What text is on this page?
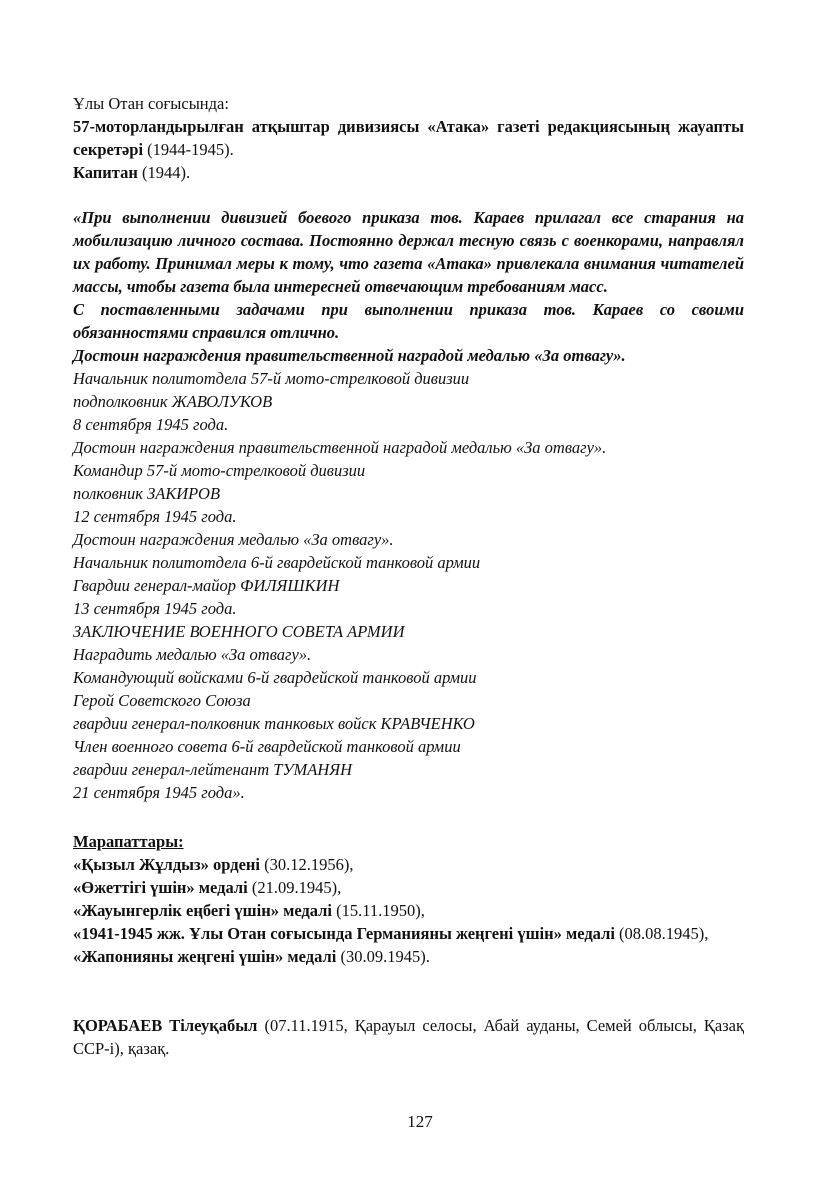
Ұлы Отан соғысында:

57-моторландырылған атқыштар дивизиясы «Атака» газеті редакциясының жауапты секретәрі (1944-1945).

Капитан (1944).

«При выполнении дивизией боевого приказа тов. Караев прилагал все старания на мобилизацию личного состава. Постоянно держал тесную связь с военкорами, направлял их работу. Принимал меры к тому, что газета «Атака» привлекала внимания читателей массы, чтобы газета была интересней отвечающим требованиям масс.

С поставленными задачами при выполнении приказа тов. Караев со своими обязанностями справился отлично.

Достоин награждения правительственной наградой медалью «За отвагу».

Начальник политотдела 57-й мото-стрелковой дивизии

подполковник ЖАВОЛУКОВ

8 сентября 1945 года.

Достоин награждения правительственной наградой медалью «За отвагу».

Командир 57-й мото-стрелковой дивизии

полковник ЗАКИРОВ

12 сентября 1945 года.

Достоин награждения медалью «За отвагу».

Начальник политотдела 6-й гвардейской танковой армии

Гвардии генерал-майор ФИЛЯШКИН

13 сентября 1945 года.

ЗАКЛЮЧЕНИЕ ВОЕННОГО СОВЕТА АРМИИ

Наградить медалью «За отвагу».

Командующий войсками 6-й гвардейской танковой армии

Герой Советского Союза

гвардии генерал-полковник танковых войск КРАВЧЕНКО

Член военного совета 6-й гвардейской танковой армии

гвардии генерал-лейтенант ТУМАНЯН

21 сентября 1945 года».

Марапаттары:

«Қызыл Жұлдыз» ордені (30.12.1956),

«Өжеттігі үшін» медалі (21.09.1945),

«Жауынгерлік еңбегі үшін» медалі (15.11.1950),

«1941-1945 жж. Ұлы Отан соғысында Германияны жеңгені үшін» медалі (08.08.1945),

«Жапонияны жеңгені үшін» медалі (30.09.1945).

ҚОРАБАЕВ Тілеуқабыл (07.11.1915, Қарауыл селосы, Абай ауданы, Семей облысы, Қазақ ССР-і), қазақ.

127
